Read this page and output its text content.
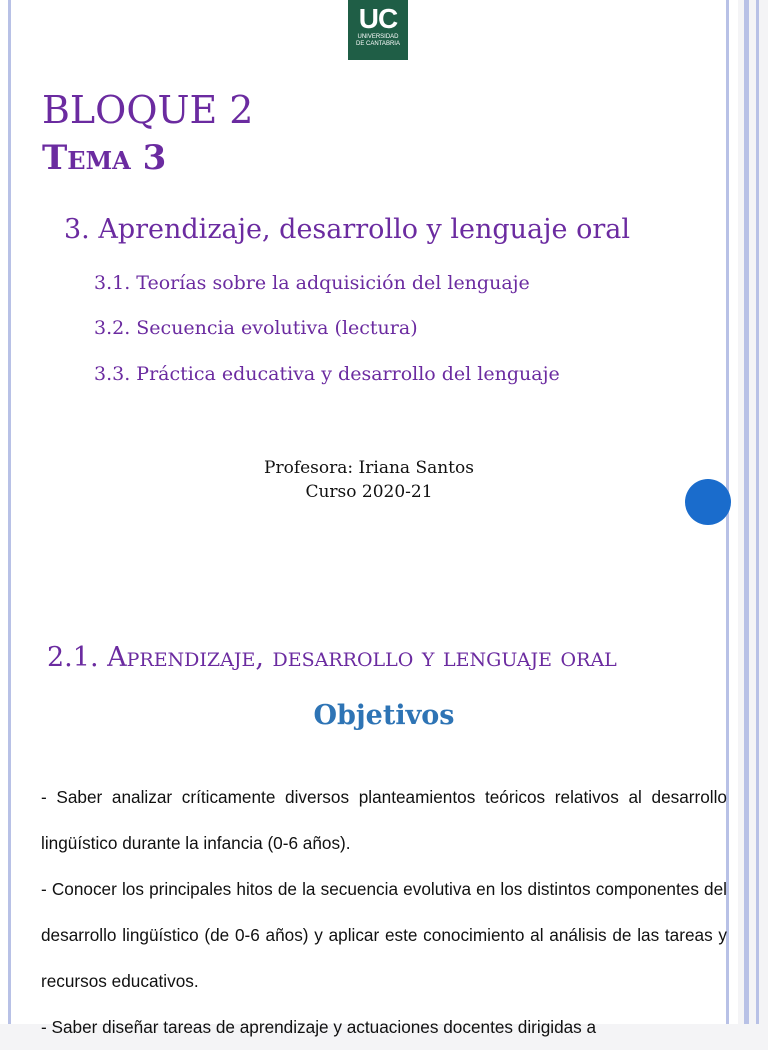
UC
UNIVERSIDAD
DE CANTABRIA
BLOQUE 2
Tema 3
3. Aprendizaje, desarrollo y lenguaje oral

3.1. Teorías sobre la adquisición del lenguaje

3.2. Secuencia evolutiva (lectura)

3.3. Práctica educativa y desarrollo del lenguaje

Profesora: Iriana Santos
Curso 2020-21
2.1. Aprendizaje, desarrollo y lenguaje oral

- Saber analizar críticamente diversos planteamientos teóricos relativos al desarrollo lingüístico durante la infancia (0-6 años).

- Conocer los principales hitos de la secuencia evolutiva en los distintos componentes del desarrollo lingüístico (de 0-6 años) y aplicar este conocimiento al análisis de las tareas y recursos educativos.

- Saber diseñar tareas de aprendizaje y actuaciones docentes dirigidas a

Objetivos
